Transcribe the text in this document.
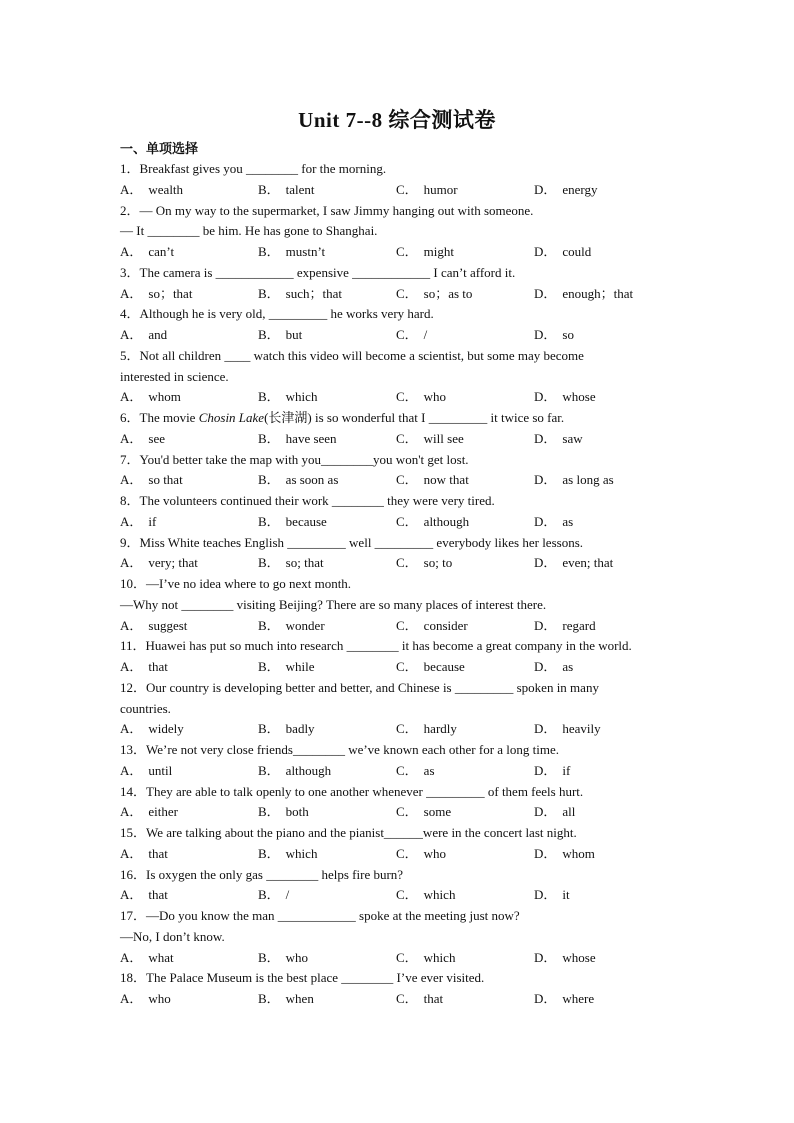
Unit 7--8 综合测试卷
一、单项选择
1．Breakfast gives you ________ for the morning.
A． wealth	B． talent	C． humor	D． energy
2．— On my way to the supermarket, I saw Jimmy hanging out with someone.
— It ________ be him. He has gone to Shanghai.
A． can’t	B． mustn’t	C． might	D． could
3．The camera is ____________ expensive ____________ I can’t afford it.
A． so；that	B． such；that	C． so；as to	D． enough；that
4．Although he is very old, _________ he works very hard.
A． and	B． but	C． /	D． so
5．Not all children ____ watch this video will become a scientist, but some may become
interested in science.
A． whom	B． which	C． who	D． whose
6．The movie Chosin Lake(长津湖) is so wonderful that I _________ it twice so far.
A． see	B． have seen	C． will see	D． saw
7．You'd better take the map with you________you won't get lost.
A． so that	B． as soon as	C． now that	D． as long as
8．The volunteers continued their work ________ they were very tired.
A． if	B． because	C． although	D． as
9．Miss White teaches English _________ well _________ everybody likes her lessons.
A． very; that	B． so; that	C． so; to	D． even; that
10．—I’ve no idea where to go next month.
—Why not ________ visiting Beijing? There are so many places of interest there.
A． suggest	B． wonder	C． consider	D． regard
11．Huawei has put so much into research ________ it has become a great company in the world.
A． that	B． while	C． because	D． as
12．Our country is developing better and better, and Chinese is _________ spoken in many
countries.
A． widely	B． badly	C． hardly	D． heavily
13．We’re not very close friends________ we’ve known each other for a long time.
A． until	B． although	C． as	D． if
14．They are able to talk openly to one another whenever _________ of them feels hurt.
A． either	B． both	C． some	D． all
15．We are talking about the piano and the pianist______were in the concert last night.
A． that	B． which	C． who	D． whom
16．Is oxygen the only gas ________ helps fire burn?
A． that	B． /	C． which	D． it
17．—Do you know the man ____________ spoke at the meeting just now?
—No, I don’t know.
A． what	B． who	C． which	D． whose
18．The Palace Museum is the best place ________ I’ve ever visited.
A． who	B． when	C． that	D． where
